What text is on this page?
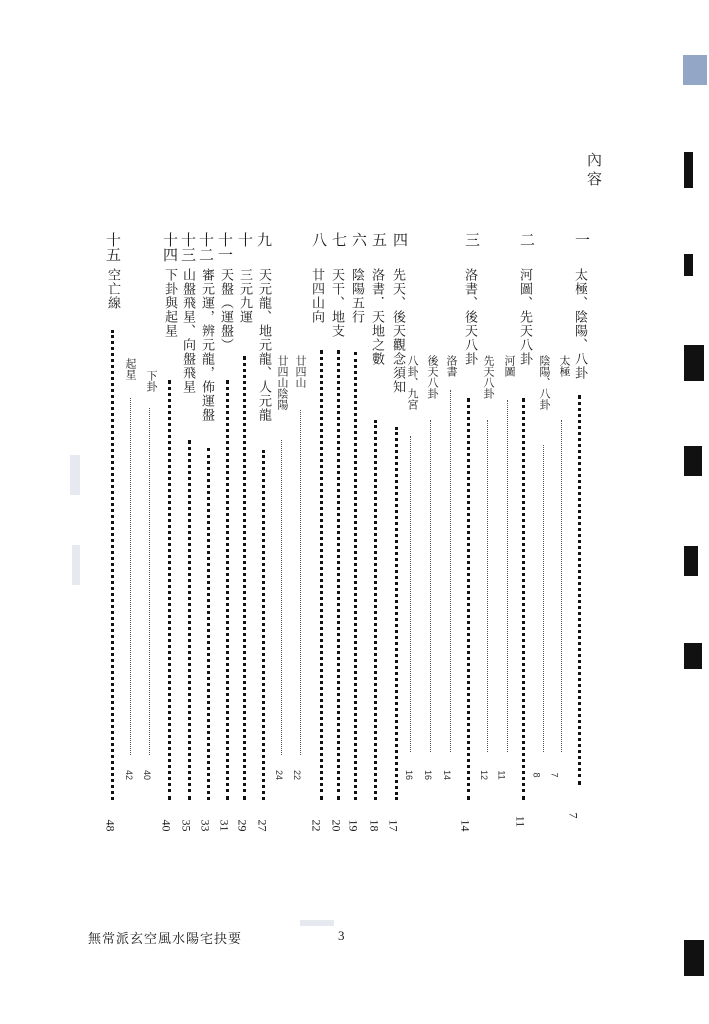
內容
一
太極、陰陽、八卦
7
太極
7
陰陽、八卦
8
二
河圖、先天八卦
11
河圖
11
先天八卦
12
三
洛書、後天八卦
14
洛書
14
後天八卦
16
八卦、九宮
16
四
先天、後天觀念須知
17
五
洛書．天地之數
18
六
陰陽五行
19
七
天干、地支
20
八
廿四山向
22
廿四山
22
廿四山陰陽
24
九
天元龍、地元龍、人元龍
27
十
三元九運
29
十一
天盤（運盤）
31
十二
審元運，辨元龍，佈運盤
33
十三
山盤飛星、向盤飛星
35
十四
下卦與起星
40
下卦
40
起星
42
十五
空亡線
48
無常派玄空風水陽宅抉要	3
